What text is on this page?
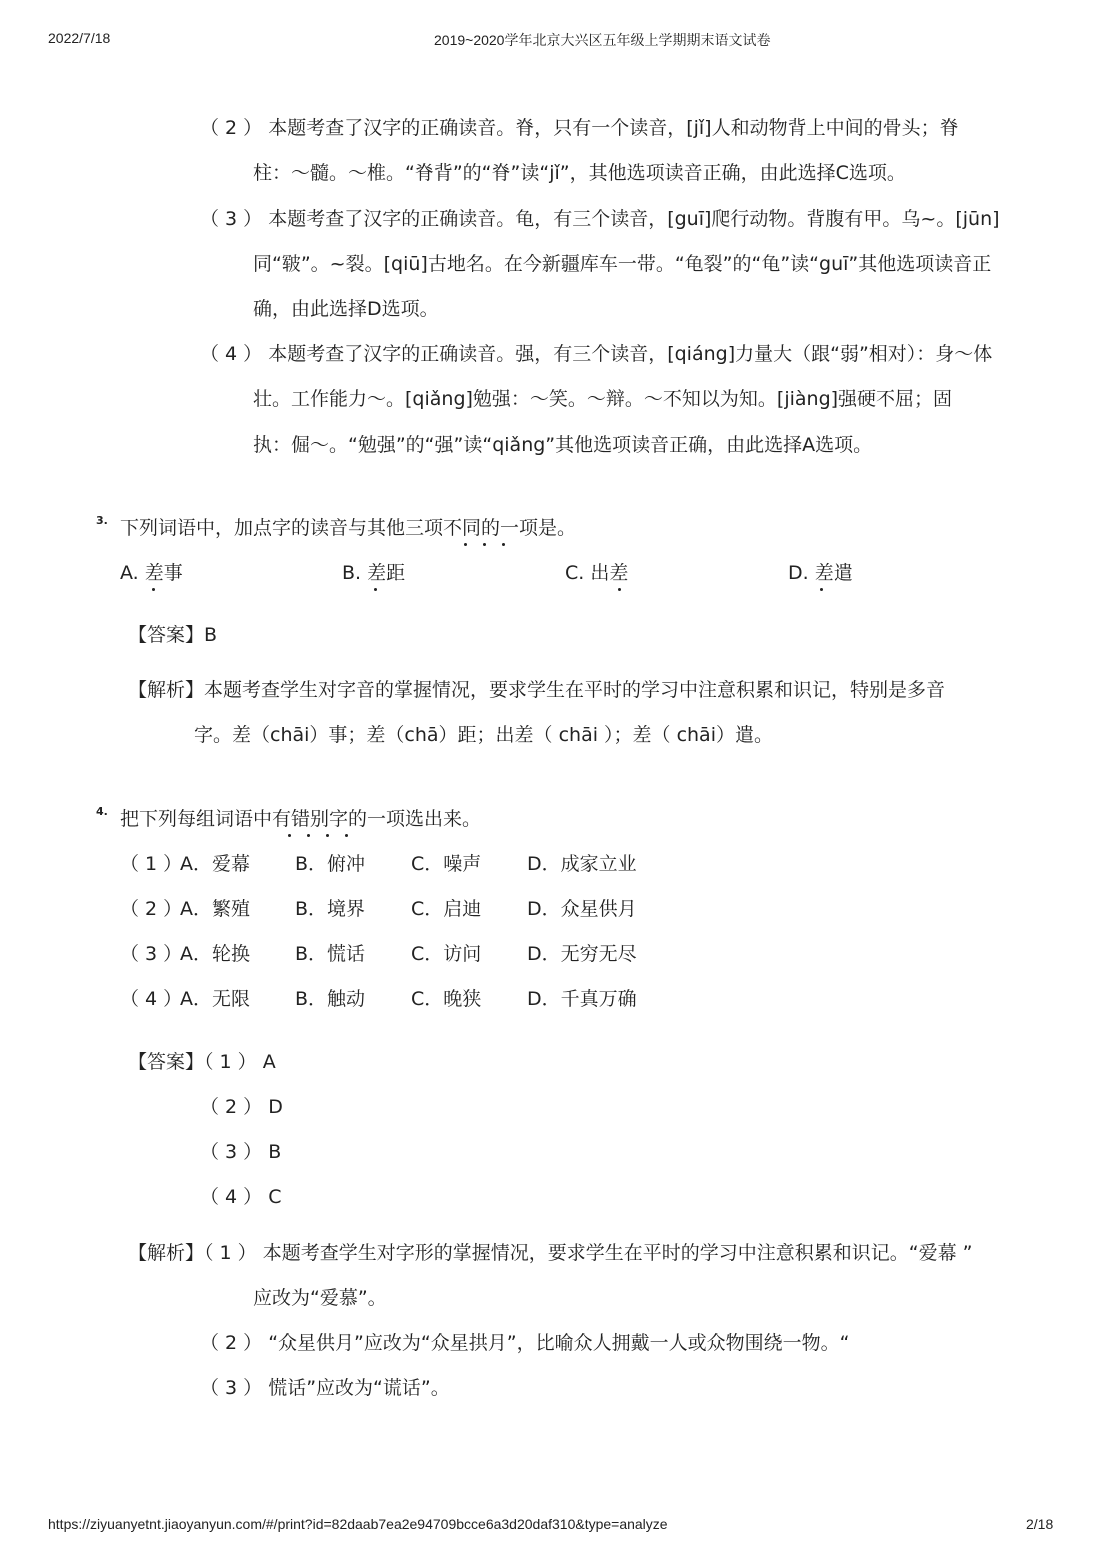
2022/7/18	2019~2020学年北京大兴区五年级上学期期末语文试卷
（ 2 ） 本题考查了汉字的正确读音。脊，只有一个读音，[jǐ]人和动物背上中间的骨头；脊
柱：～髓。～椎。“脊背”的“脊”读“jǐ”，其他选项读音正确，由此选择C选项。
（ 3 ） 本题考查了汉字的正确读音。龟，有三个读音，[guī]爬行动物。背腹有甲。乌~。[jūn]
同“皲”。~裂。[qiū]古地名。在今新疆库车一带。“龟裂”的“龟”读“guī”其他选项读音正
确，由此选择D选项。
（ 4 ） 本题考查了汉字的正确读音。强，有三个读音，[qiáng]力量大（跟“弱”相对）：身～体
壮。工作能力～。[qiǎng]勉强：～笑。～辩。～不知以为知。[jiàng]强硬不屈；固
执：倔～。“勉强”的“强”读“qiǎng”其他选项读音正确，由此选择A选项。
3. 下列词语中，加点字的读音与其他三项不同的一项是。
A. 差事	B. 差距	C. 出差	D. 差遣
【答案】B
【解析】本题考查学生对字音的掌握情况，要求学生在平时的学习中注意积累和识记，特别是多音
字。差（chāi）事；差（chā）距；出差（ chāi ）；差（ chāi）遣。
4. 把下列每组词语中有错别字的一项选出来。
（ 1 ）
A．爱幕 B．俯冲 C．噪声 D．成家立业
（ 2 ）
A．繁殖 B．境界 C．启迪 D．众星供月
（ 3 ）
A．轮换 B．慌话 C．访问 D．无穷无尽
（ 4 ）
A．无限 B．触动 C．晚狭 D．千真万确
【答案】（ 1 ） A
（ 2 ） D
（ 3 ） B
（ 4 ） C
【解析】（ 1 ） 本题考查学生对字形的掌握情况，要求学生在平时的学习中注意积累和识记。“爱幕 ”
应改为“爱慕”。
（ 2 ） “众星供月”应改为“众星拱月”，比喻众人拥戴一人或众物围绕一物。“
（ 3 ） 慌话”应改为“谎话”。
https://ziyuanyetnt.jiaoyanyun.com/#/print?id=82daab7ea2e94709bcce6a3d20daf310&type=analyze	2/18
